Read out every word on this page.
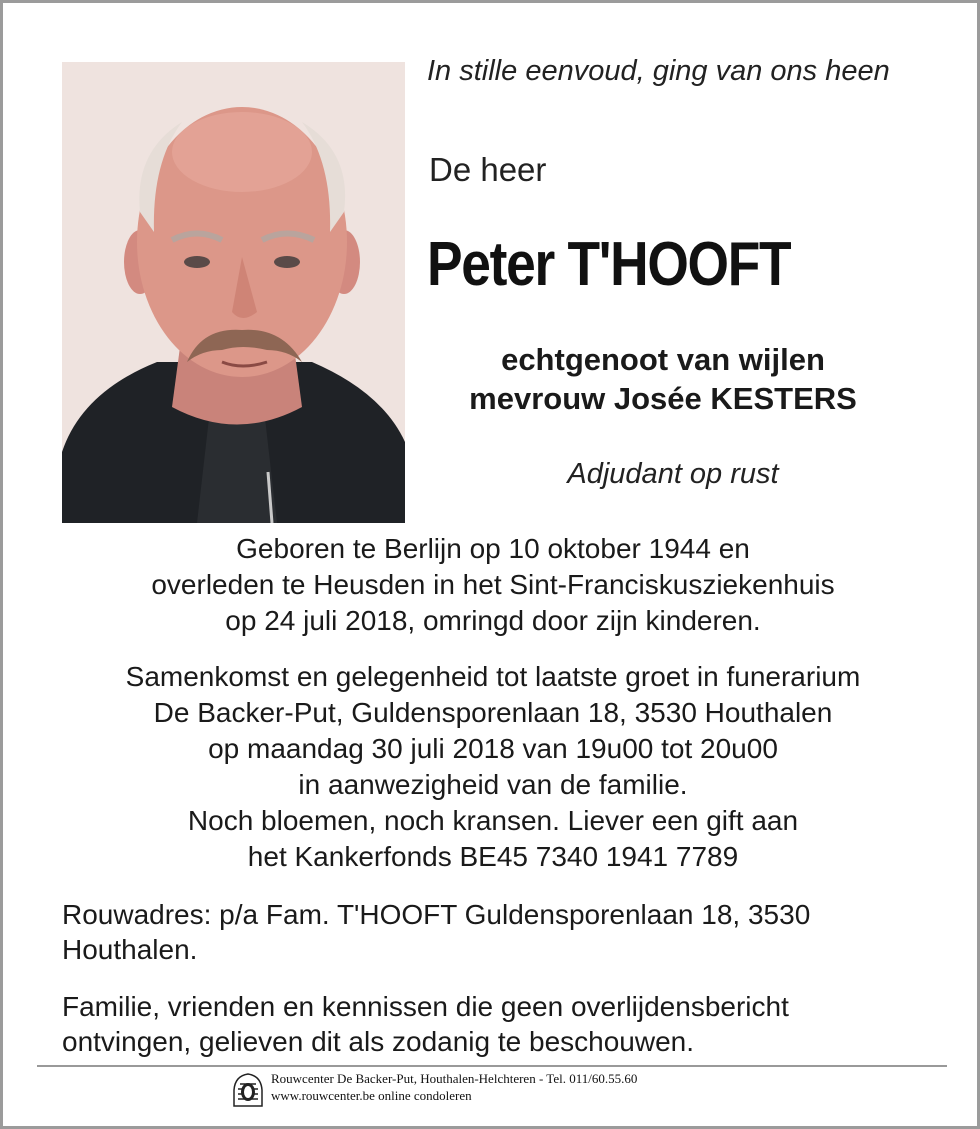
In stille eenvoud, ging van ons heen
De heer
Peter T'HOOFT
echtgenoot van wijlen
mevrouw Josée KESTERS
Adjudant op rust
Geboren te Berlijn op 10 oktober 1944 en
overleden te Heusden in het Sint-Franciskusziekenhuis
op 24 juli 2018, omringd door zijn kinderen.
Samenkomst en gelegenheid tot laatste groet in funerarium
De Backer-Put, Guldensporenlaan 18, 3530 Houthalen
op maandag 30 juli 2018 van 19u00 tot 20u00
in aanwezigheid van de familie.
Noch bloemen, noch kransen. Liever een gift aan
het Kankerfonds BE45 7340 1941 7789
Rouwadres: p/a Fam. T'HOOFT Guldensporenlaan 18, 3530
Houthalen.
Familie, vrienden en kennissen die geen overlijdensbericht
ontvingen, gelieven dit als zodanig te beschouwen.
Rouwcenter De Backer-Put, Houthalen-Helchteren - Tel. 011/60.55.60
www.rouwcenter.be online condoleren
